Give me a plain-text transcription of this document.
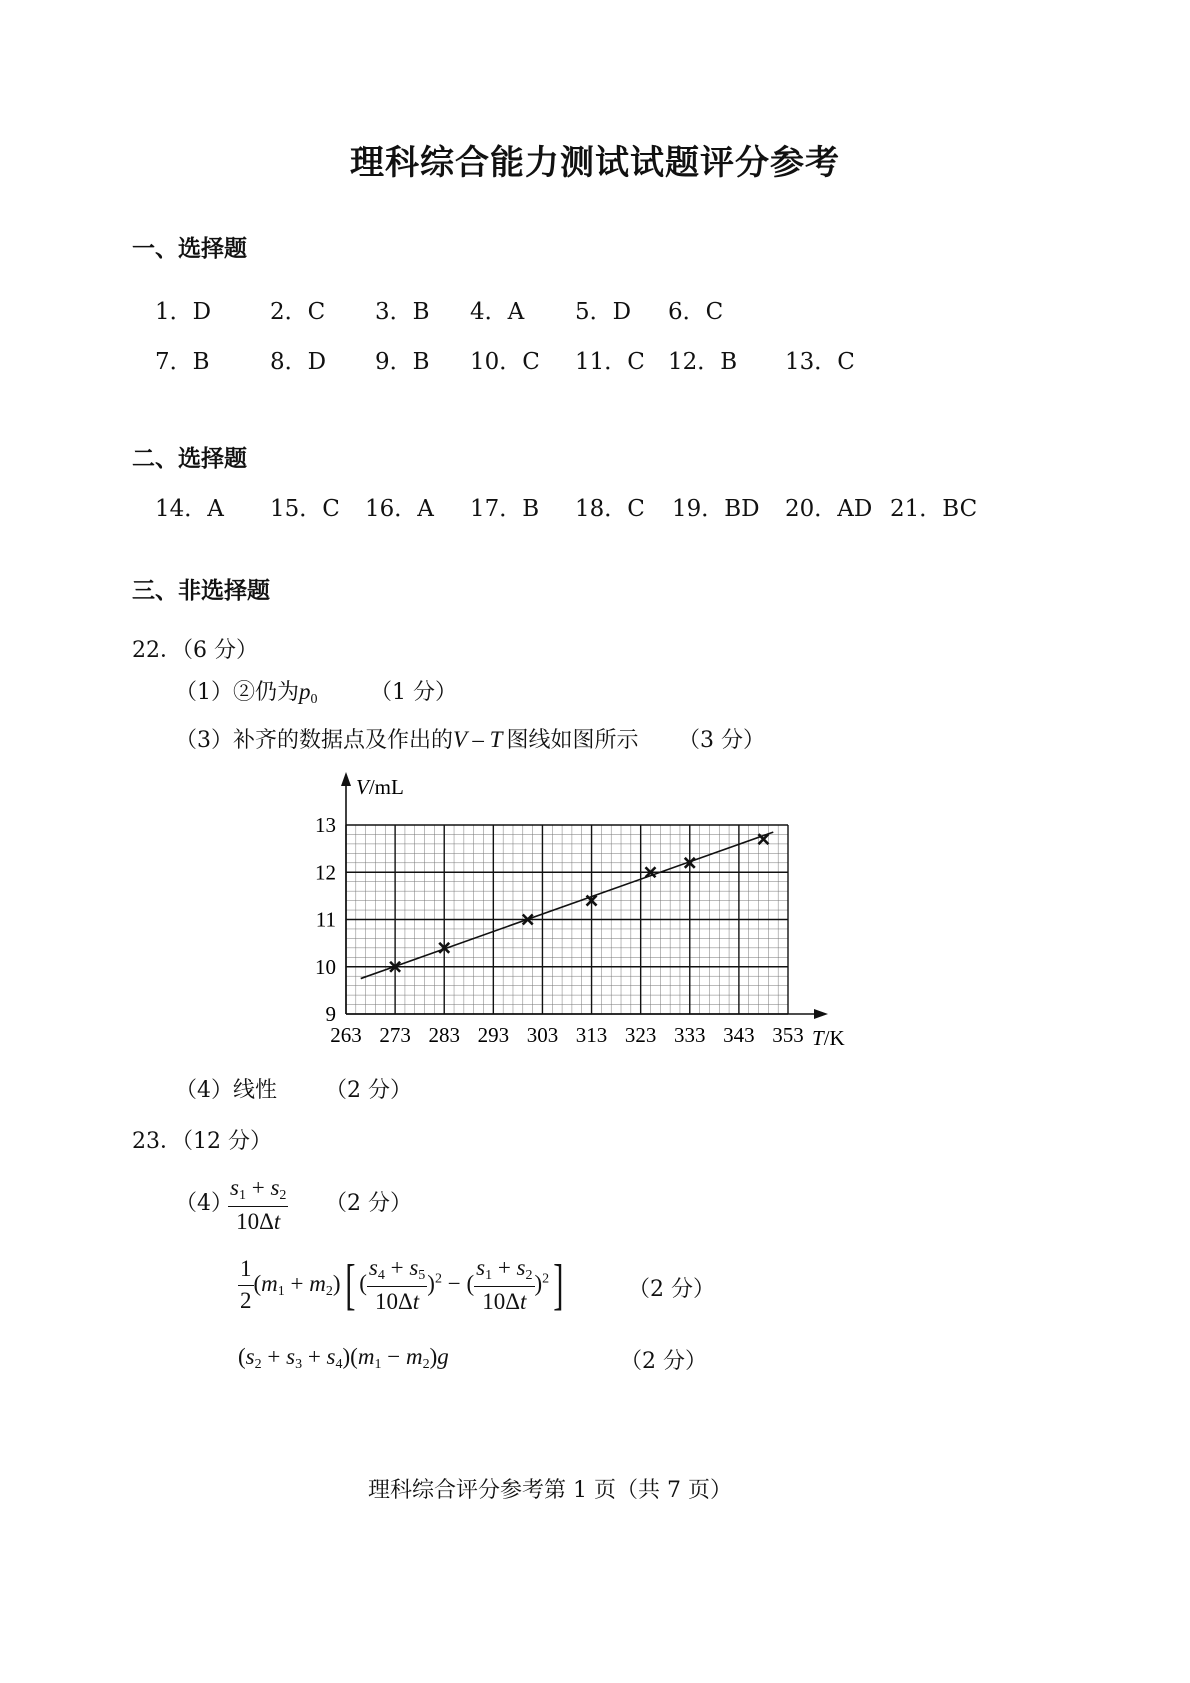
理科综合能力测试试题评分参考
一、选择题
1．D	2．C 3．B 4．A 5．D 6．C
7．B	8．D 9．B 10．C 11．C 12．B 13．C
二、选择题
14．A 15．C 16．A 17．B 18．C 19．BD 20．AD 21．BC
三、非选择题
22．（6 分）
（1）②仍为$p_0$ （1 分）
（3）补齐的数据点及作出的V – T 图线如图所示 （3 分）
V/mL
T/K
263 273 283 293 303 313 323 333 343 353
9
10
11
12
13
（4）线性 （2 分）
23．（12 分）
（4）
$\frac{s_1 + s_2}{10\Delta t} (2$ 分）
$\frac{1}{2} (m_1 + m_2)$[ ( $\frac{s_4 + s_5}{10\Delta t} )^2$ − ( $\frac{s_1 + s_2}{10\Delta t} )^2$]	（2 分）
$(s_2 + s_3 + s_4)(m_1 - m_2)g$	（2 分）
理科综合评分参考第 1 页（共 7 页）
